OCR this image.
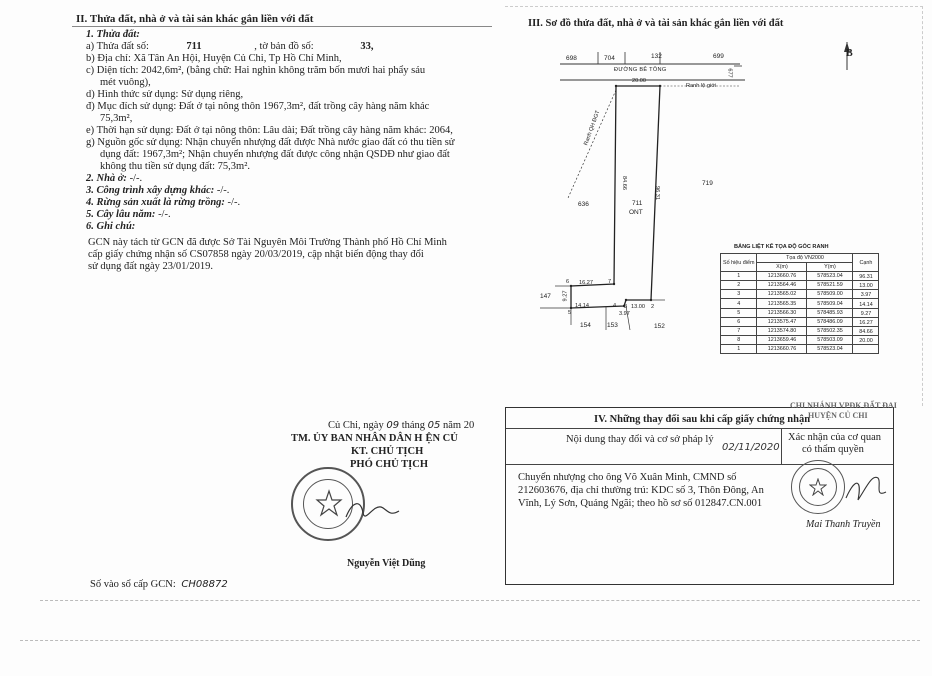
II. Thửa đất, nhà ở và tài sản khác gắn liền với đất
1. Thửa đất:
a) Thửa đất số:	711	, tờ bản đồ số:	33,
b) Địa chỉ: Xã Tân An Hội, Huyện Củ Chi, Tp Hồ Chí Minh,
c) Diện tích: 2042,6m², (bằng chữ: Hai nghìn không trăm bốn mươi hai phẩy sáu
mét vuông),
d) Hình thức sử dụng: Sử dụng riêng,
đ) Mục đích sử dụng: Đất ở tại nông thôn 1967,3m², đất trồng cây hàng năm khác
75,3m²,
e) Thời hạn sử dụng: Đất ở tại nông thôn: Lâu dài; Đất trồng cây hàng năm khác: 2064,
g) Nguồn gốc sử dụng: Nhận chuyển nhượng đất được Nhà nước giao đất có thu tiền sử
dụng đất: 1967,3m²; Nhận chuyển nhượng đất được công nhận QSDĐ như giao đất
không thu tiền sử dụng đất: 75,3m².
2. Nhà ở: -/-.
3. Công trình xây dựng khác: -/-.
4. Rừng sản xuất là rừng trồng: -/-.
5. Cây lâu năm: -/-.
6. Ghi chú:
GCN này tách từ GCN đã được Sở Tài Nguyên Môi Trường Thành phố Hồ Chí Minh
cấp giấy chứng nhận số CS07858 ngày 20/03/2019, cập nhật biến động thay đổi
sử dụng đất ngày 23/01/2019.
III. Sơ đồ thửa đất, nhà ở và tài sản khác gắn liền với đất
B
698	704	132	699
ĐƯỜNG BÊ TÔNG
20.00
677
Ranh lộ giới
Ranh QH ĐGT
84.66
96.31
719
636	711
ONT
16.27
6	7
9.27
147
14.14	4 3 13.00 2
5	3.97
154 153	152
BẢNG LIỆT KÊ TỌA ĐỘ GÓC RANH
Số hiệu điểm	Tọa độ VN2000		Cạnh
	X(m)	Y(m)	
1	1213660.76	578523.04	96.31
2	1213564.46	578521.59	13.00
3	1213565.02	578509.00	3.97
4	1213565.35	578509.04	14.14
5	1213566.30	578485.93	9.27
6	1213575.47	578486.09	16.27
7	1213574.80	578502.35	84.66
8	1213659.46	578503.09	20.00
1	1213660.76	578523.04	
Củ Chi, ngày 09 tháng 05 năm 20
TM. ỦY BAN NHÂN DÂN H ỆN CỦ
KT. CHỦ TỊCH
PHÓ CHỦ TỊCH
Nguyễn Việt Dũng
Số vào sổ cấp GCN: CH08872
IV. Những thay đổi sau khi cấp giấy chứng nhận
Nội dung thay đổi và cơ sở pháp lý	Xác nhận của cơ quan
có thẩm quyền
02/11/2020
Chuyển nhượng cho ông Võ Xuân Minh, CMND số
212603676, địa chỉ thường trú: KDC số 3, Thôn Đông, An
Vĩnh, Lý Sơn, Quảng Ngãi; theo hồ sơ số 012847.CN.001
Mai Thanh Truyền
CHI NHÁNH VPĐK ĐẤT ĐAI
HUYỆN CỦ CHI
